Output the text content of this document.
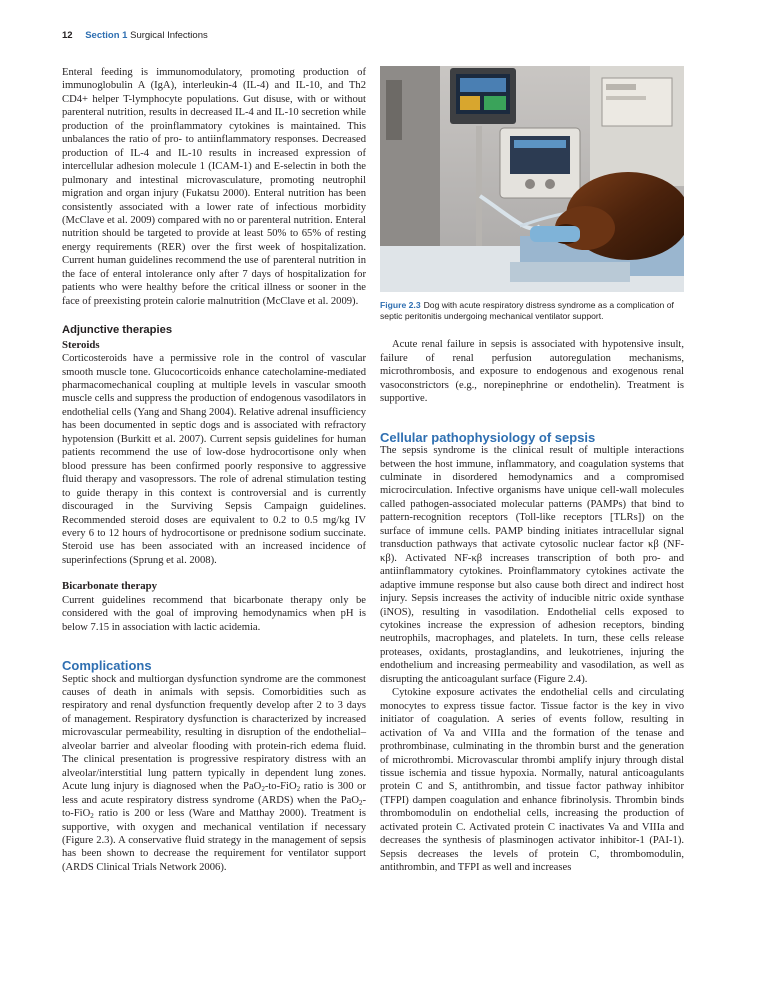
12 Section 1 Surgical Infections

Enteral feeding is immunomodulatory, promoting production of immunoglobulin A (IgA), interleukin-4 (IL-4) and IL-10, and Th2 CD4+ helper T-lymphocyte populations. Gut disuse, with or without parenteral nutrition, results in decreased IL-4 and IL-10 secretion while production of the proinflammatory cytokines is maintained. This unbalances the ratio of pro- to antiinflammatory responses. Decreased production of IL-4 and IL-10 results in increased expression of intercellular adhesion molecule 1 (ICAM-1) and E-selectin in both the pulmonary and intestinal microvasculature, promoting neutrophil migration and organ injury (Fukatsu 2000). Enteral nutrition has been consistently associated with a lower rate of infectious morbidity (McClave et al. 2009) compared with no or parenteral nutrition. Enteral nutrition should be targeted to provide at least 50% to 65% of resting energy requirements (RER) over the first week of hospitalization. Current human guidelines recommend the use of parenteral nutrition in the face of enteral intolerance only after 7 days of hospitalization for patients who were healthy before the critical illness or sooner in the face of preexisting protein calorie malnutrition (McClave et al. 2009).

Adjunctive therapies
Steroids

Corticosteroids have a permissive role in the control of vascular smooth muscle tone. Glucocorticoids enhance catecholamine-mediated pharmacomechanical coupling at multiple levels in vascular smooth muscle cells and suppress the production of endogenous vasodilators in endothelial cells (Yang and Shang 2004). Relative adrenal insufficiency has been documented in septic dogs and is associated with refractory hypotension (Burkitt et al. 2007). Current sepsis guidelines for human patients recommend the use of low-dose hydrocortisone only when blood pressure has been confirmed poorly responsive to aggressive fluid therapy and vasopressors. The role of adrenal stimulation testing to guide therapy in this context is controversial and is currently discouraged in the Surviving Sepsis Campaign guidelines. Recommended steroid doses are equivalent to 0.2 to 0.5 mg/kg IV every 6 to 12 hours of hydrocortisone or prednisone sodium succinate. Steroid use has been associated with an increased incidence of superinfections (Sprung et al. 2008).

Bicarbonate therapy

Current guidelines recommend that bicarbonate therapy only be considered with the goal of improving hemodynamics when pH is below 7.15 in association with lactic acidemia.

Complications

Septic shock and multiorgan dysfunction syndrome are the commonest causes of death in animals with sepsis. Comorbidities such as respiratory and renal dysfunction frequently develop after 2 to 3 days of management. Respiratory dysfunction is characterized by increased microvascular permeability, resulting in disruption of the endothelial–alveolar barrier and alveolar flooding with protein-rich edema fluid. The clinical presentation is progressive respiratory distress with an alveolar/interstitial lung pattern typically in dependent lung zones. Acute lung injury is diagnosed when the PaO$_2$-to-FiO$_2$ ratio is 300 or less and acute respiratory distress syndrome (ARDS) when the PaO$_2$-to-FiO$_2$ ratio is 200 or less (Ware and Matthay 2000). Treatment is supportive, with oxygen and mechanical ventilation if necessary (Figure 2.3). A conservative fluid strategy in the management of sepsis has been shown to decrease the requirement for ventilator support (ARDS Clinical Trials Network 2006).

Figure 2.3 Dog with acute respiratory distress syndrome as a complication of septic peritonitis undergoing mechanical ventilator support.

Acute renal failure in sepsis is associated with hypotensive insult, failure of renal perfusion autoregulation mechanisms, microthrombosis, and exposure to endogenous and exogenous renal vasoconstrictors (e.g., norepinephrine or endothelin). Treatment is supportive.

Cellular pathophysiology of sepsis

The sepsis syndrome is the clinical result of multiple interactions between the host immune, inflammatory, and coagulation systems that culminate in disordered hemodynamics and a compromised microcirculation. Infective organisms have unique cell-wall molecules called pathogen-associated molecular patterns (PAMPs) that bind to pattern-recognition receptors (Toll-like receptors [TLRs]) on the surface of immune cells. PAMP binding initiates intracellular signal transduction pathways that activate cytosolic nuclear factor κβ (NF-κβ). Activated NF-κβ increases transcription of both pro- and antiinflammatory cytokines. Proinflammatory cytokines activate the adaptive immune response but also cause both direct and indirect host injury. Sepsis increases the activity of inducible nitric oxide synthase (iNOS), resulting in vasodilation. Endothelial cells exposed to cytokines increase the expression of adhesion receptors, binding neutrophils, macrophages, and platelets. In turn, these cells release proteases, oxidants, prostaglandins, and leukotrienes, injuring the endothelium and increasing permeability and vasodilation, as well as disrupting the anticoagulant surface (Figure 2.4).

Cytokine exposure activates the endothelial cells and circulating monocytes to express tissue factor. Tissue factor is the key in vivo initiator of coagulation. A series of events follow, resulting in activation of Va and VIIIa and the formation of the tenase and prothrombinase, culminating in the thrombin burst and the generation of microthrombi. Microvascular thrombi amplify injury through distal tissue ischemia and tissue hypoxia. Normally, natural anticoagulants protein C and S, antithrombin, and tissue factor pathway inhibitor (TFPI) dampen coagulation and enhance fibrinolysis. Thrombin binds thrombomodulin on endothelial cells, increasing the production of activated protein C. Activated protein C inactivates Va and VIIIa and decreases the synthesis of plasminogen activator inhibitor-1 (PAI-1). Sepsis decreases the levels of protein C, thrombomodulin, antithrombin, and TFPI as well and increases
